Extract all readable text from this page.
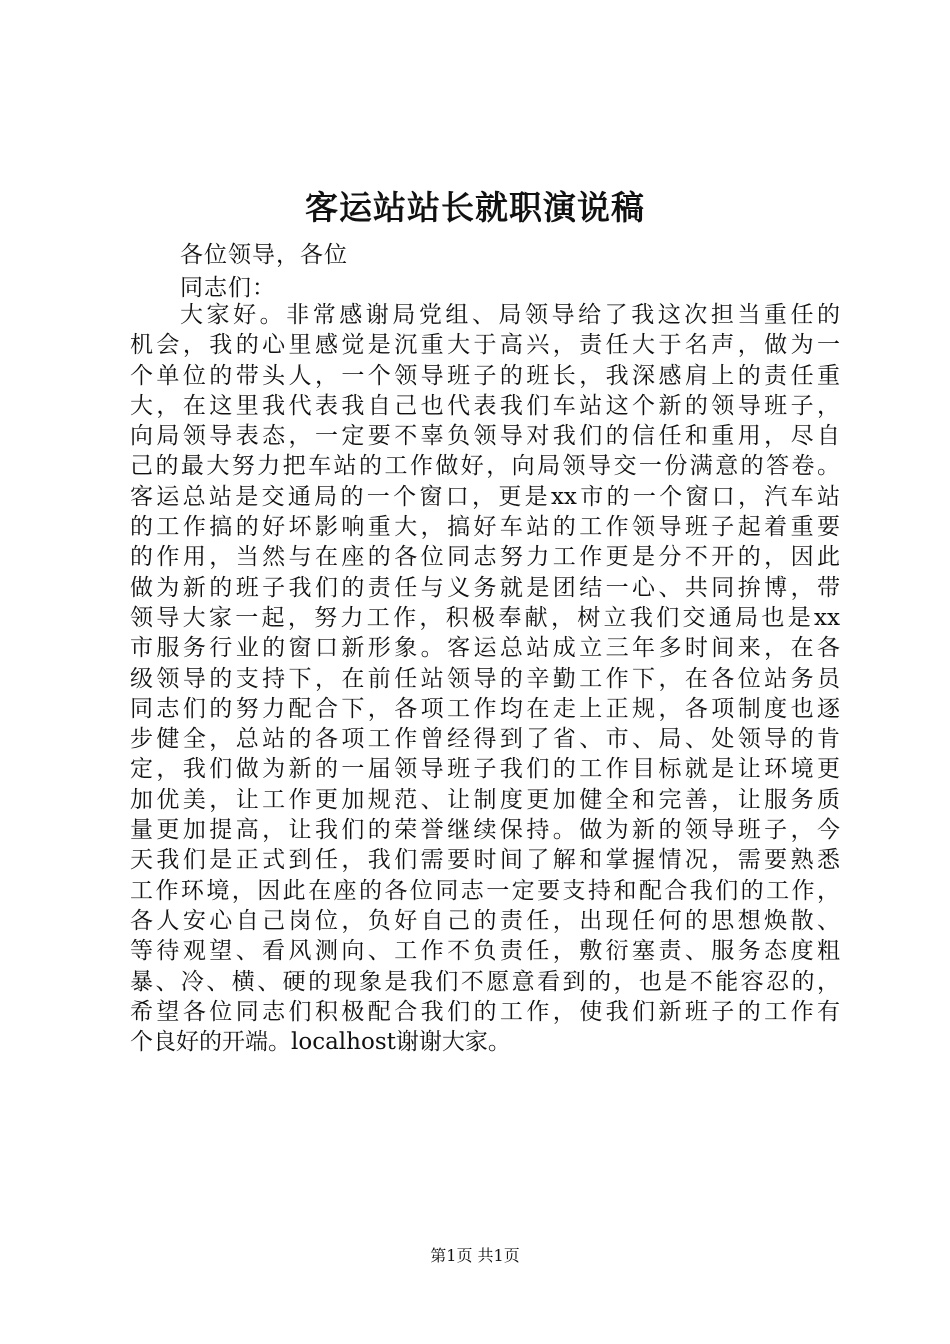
客运站站长就职演说稿
各位领导，各位
同志们：
大家好。非常感谢局党组、局领导给了我这次担当重任的
机会，我的心里感觉是沉重大于高兴，责任大于名声，做为一
个单位的带头人，一个领导班子的班长，我深感肩上的责任重
大，在这里我代表我自己也代表我们车站这个新的领导班子，
向局领导表态，一定要不辜负领导对我们的信任和重用，尽自
己的最大努力把车站的工作做好，向局领导交一份满意的答卷。
客运总站是交通局的一个窗口，更是xx市的一个窗口，汽车站
的工作搞的好坏影响重大，搞好车站的工作领导班子起着重要
的作用，当然与在座的各位同志努力工作更是分不开的，因此
做为新的班子我们的责任与义务就是团结一心、共同拚博，带
领导大家一起，努力工作，积极奉献，树立我们交通局也是xx
市服务行业的窗口新形象。客运总站成立三年多时间来，在各
级领导的支持下，在前任站领导的辛勤工作下，在各位站务员
同志们的努力配合下，各项工作均在走上正规，各项制度也逐
步健全，总站的各项工作曾经得到了省、市、局、处领导的肯
定，我们做为新的一届领导班子我们的工作目标就是让环境更
加优美，让工作更加规范、让制度更加健全和完善，让服务质
量更加提高，让我们的荣誉继续保持。做为新的领导班子，今
天我们是正式到任，我们需要时间了解和掌握情况，需要熟悉
工作环境，因此在座的各位同志一定要支持和配合我们的工作，
各人安心自己岗位，负好自己的责任，出现任何的思想焕散、
等待观望、看风测向、工作不负责任，敷衍塞责、服务态度粗
暴、冷、横、硬的现象是我们不愿意看到的，也是不能容忍的，
希望各位同志们积极配合我们的工作，使我们新班子的工作有
个良好的开端。localhost谢谢大家。
第1页 共1页
